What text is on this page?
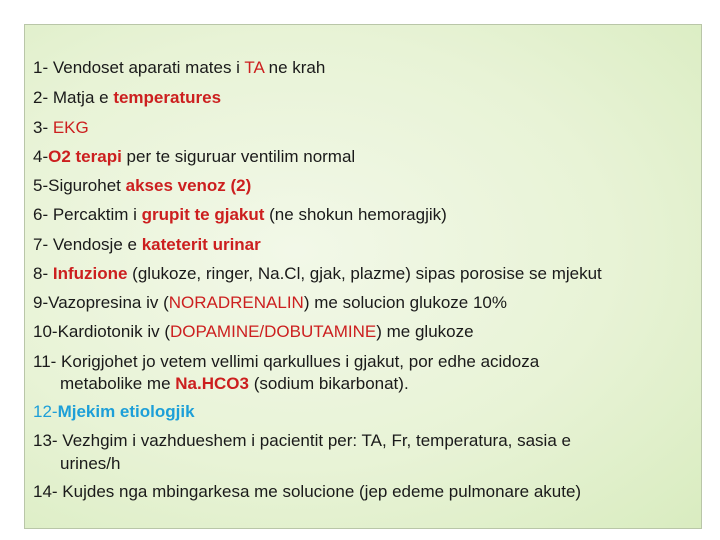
1- Vendoset aparati mates i TA ne krah
2- Matja e temperatures
3- EKG
4-O2 terapi per te siguruar ventilim normal
5-Sigurohet akses venoz (2)
6- Percaktim i grupit te gjakut (ne shokun hemoragjik)
7- Vendosje e kateterit urinar
8- Infuzione (glukoze, ringer, Na.Cl, gjak, plazme) sipas porosise se mjekut
9-Vazopresina iv (NORADRENALIN) me solucion glukoze 10%
10-Kardiotonik iv (DOPAMINE/DOBUTAMINE) me glukoze
11- Korigjohet jo vetem vellimi qarkullues i gjakut, por edhe acidoza
metabolike me Na.HCO3 (sodium bikarbonat).
12-Mjekim etiologjik
13- Vezhgim i vazhdueshem i pacientit per: TA, Fr, temperatura, sasia e
urines/h
14- Kujdes nga mbingarkesa me solucione (jep edeme pulmonare akute)
